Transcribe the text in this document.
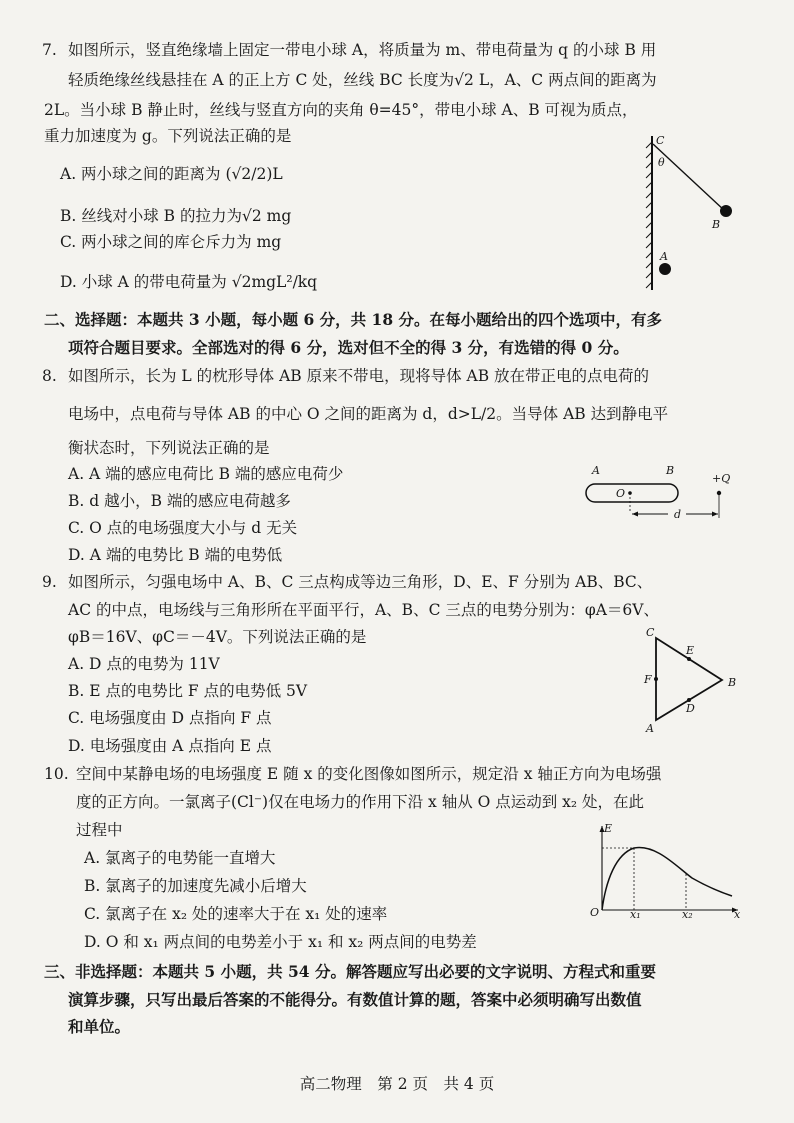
7. 如图所示，竖直绝缘墙上固定一带电小球 A，将质量为 m、带电荷量为 q 的小球 B 用
轻质绝缘丝线悬挂在 A 的正上方 C 处，丝线 BC 长度为√2 L，A、C 两点间的距离为
2L。当小球 B 静止时，丝线与竖直方向的夹角 θ=45°，带电小球 A、B 可视为质点，
重力加速度为 g。下列说法正确的是
A. 两小球之间的距离为 (√2/2)L
B. 丝线对小球 B 的拉力为√2 mg
C. 两小球之间的库仑斥力为 mg
D. 小球 A 的带电荷量为 √2mgL²/kq
C
θ
B
A
二、选择题：本题共 3 小题，每小题 6 分，共 18 分。在每小题给出的四个选项中，有多
项符合题目要求。全部选对的得 6 分，选对但不全的得 3 分，有选错的得 0 分。
8. 如图所示，长为 L 的枕形导体 AB 原来不带电，现将导体 AB 放在带正电的点电荷的
电场中，点电荷与导体 AB 的中心 O 之间的距离为 d，d>L/2。当导体 AB 达到静电平
衡状态时，下列说法正确的是
A. A 端的感应电荷比 B 端的感应电荷少
B. d 越小，B 端的感应电荷越多
C. O 点的电场强度大小与 d 无关
D. A 端的电势比 B 端的电势低
A	B
O
+Q
d
9. 如图所示，匀强电场中 A、B、C 三点构成等边三角形，D、E、F 分别为 AB、BC、
AC 的中点，电场线与三角形所在平面平行，A、B、C 三点的电势分别为：φA＝6V、
φB＝16V、φC＝－4V。下列说法正确的是
A. D 点的电势为 11V
B. E 点的电势比 F 点的电势低 5V
C. 电场强度由 D 点指向 F 点
D. 电场强度由 A 点指向 E 点
C
A
B
E
D
F
10. 空间中某静电场的电场强度 E 随 x 的变化图像如图所示，规定沿 x 轴正方向为电场强
度的正方向。一氯离子(Cl⁻)仅在电场力的作用下沿 x 轴从 O 点运动到 x₂ 处，在此
过程中
A. 氯离子的电势能一直增大
B. 氯离子的加速度先减小后增大
C. 氯离子在 x₂ 处的速率大于在 x₁ 处的速率
D. O 和 x₁ 两点间的电势差小于 x₁ 和 x₂ 两点间的电势差
E
O	x₁	x₂	x
三、非选择题：本题共 5 小题，共 54 分。解答题应写出必要的文字说明、方程式和重要
演算步骤，只写出最后答案的不能得分。有数值计算的题，答案中必须明确写出数值
和单位。
高二物理　第 2 页　共 4 页
